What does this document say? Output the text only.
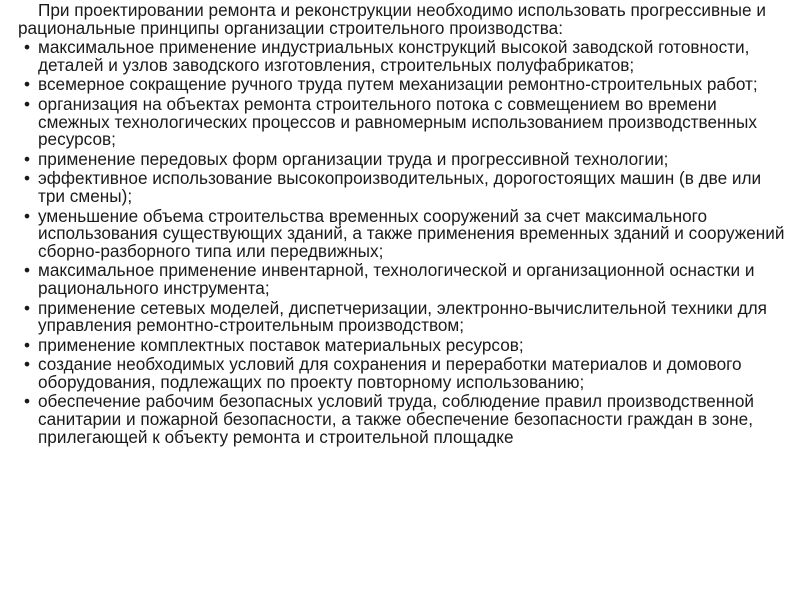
При проектировании ремонта и реконструкции необходимо использовать прогрессивные и рациональные принципы организации строительного производства:

• максимальное применение индустриальных конструкций высокой заводской готовности, деталей и узлов заводского изготовления, строительных полуфабрикатов;
• всемерное сокращение ручного труда путем механизации ремонтно-строительных работ;
• организация на объектах ремонта строительного потока с совмещением во времени смежных технологических процессов и равномерным использованием производственных ресурсов;
• применение передовых форм организации труда и прогрессивной технологии;
• эффективное использование высокопроизводительных, дорогостоящих машин (в две или три смены);
• уменьшение объема строительства временных сооружений за счет максимального использования существующих зданий, а также применения временных зданий и сооружений сборно-разборного типа или передвижных;
• максимальное применение инвентарной, технологической и организационной оснастки и рационального инструмента;
• применение сетевых моделей, диспетчеризации, электронно-вычислительной техники для управления ремонтно-строительным производством;
• применение комплектных поставок материальных ресурсов;
• создание необходимых условий для сохранения и переработки материалов и домового оборудования, подлежащих по проекту повторному использованию;
• обеспечение рабочим безопасных условий труда, соблюдение правил производственной санитарии и пожарной безопасности, а также обеспечение безопасности граждан в зоне, прилегающей к объекту ремонта и строительной площадке
